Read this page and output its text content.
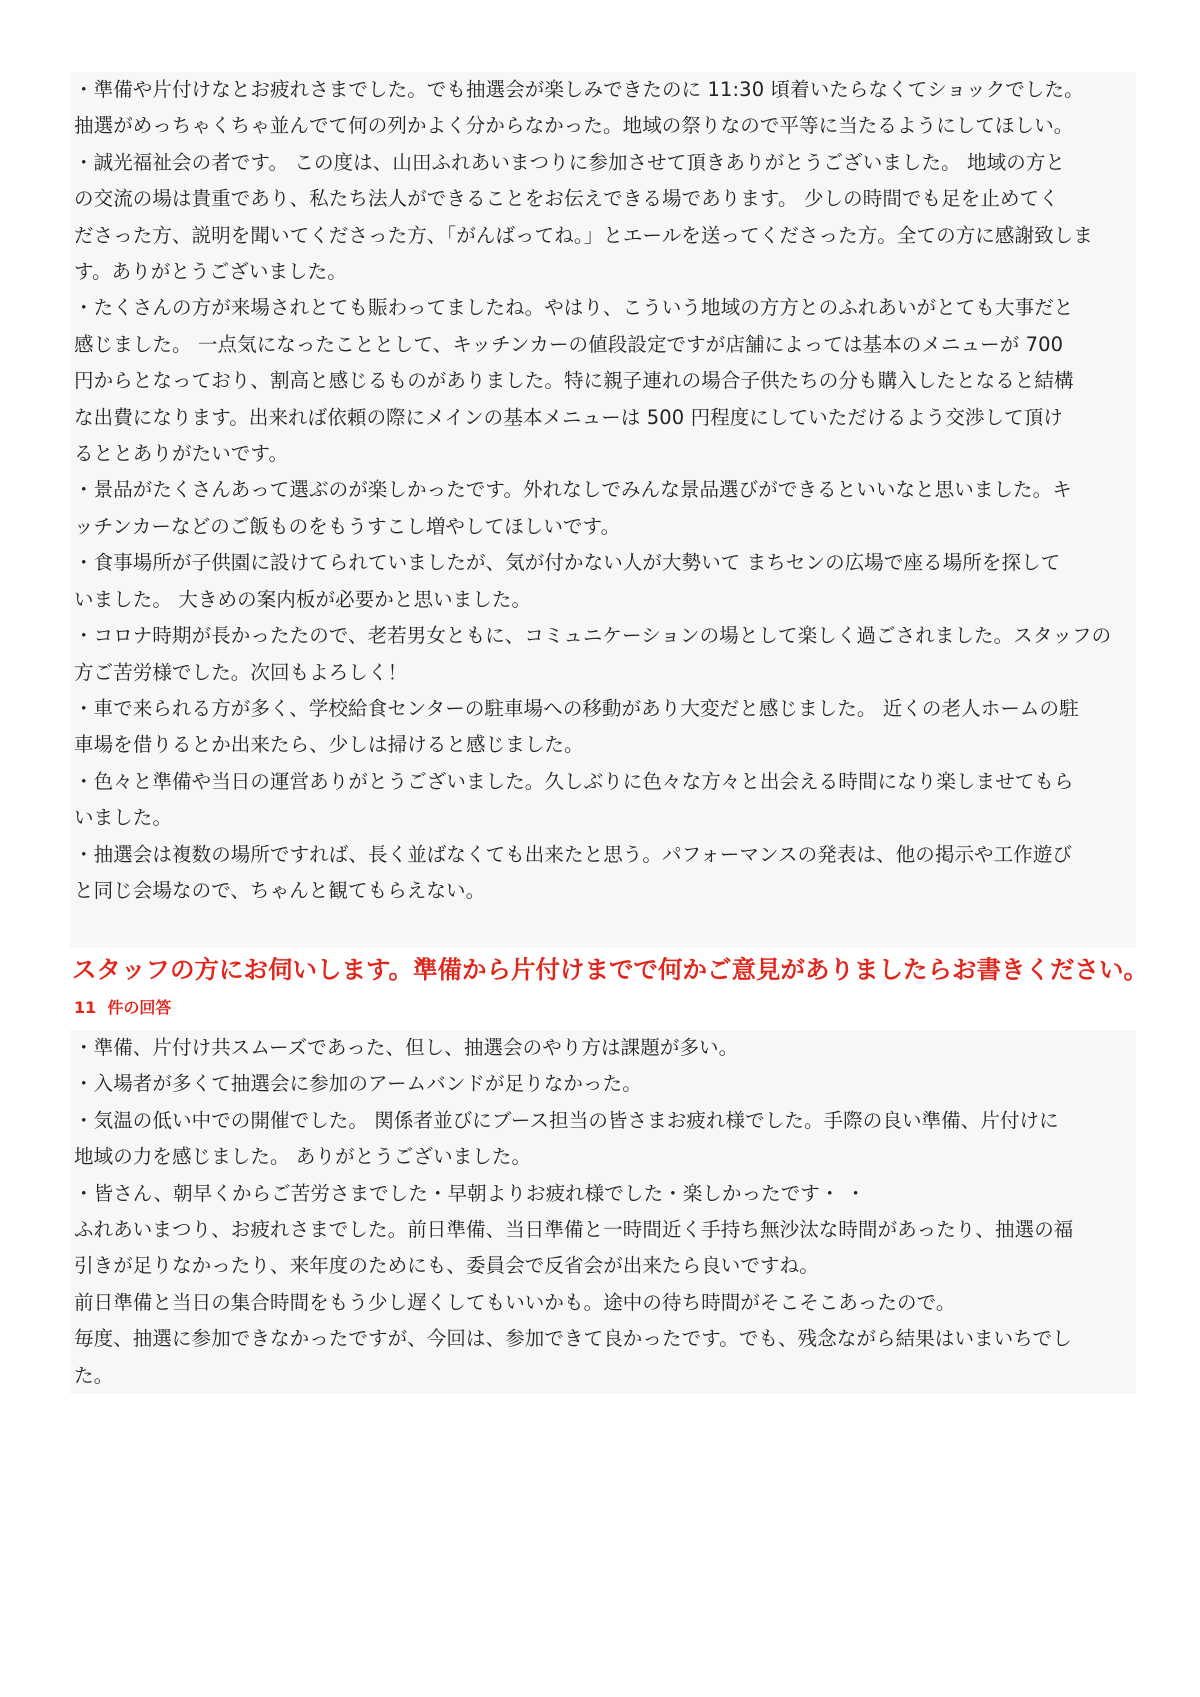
・準備や片付けなとお疲れさまでした。でも抽選会が楽しみできたのに 11:30 頃着いたらなくてショックでした。
抽選がめっちゃくちゃ並んでて何の列かよく分からなかった。地域の祭りなので平等に当たるようにしてほしい。
・誠光福祉会の者です。 この度は、山田ふれあいまつりに参加させて頂きありがとうございました。 地域の方と
の交流の場は貴重であり、私たち法人ができることをお伝えできる場であります。 少しの時間でも足を止めてく
ださった方、説明を聞いてくださった方、「がんばってね。」とエールを送ってくださった方。全ての方に感謝致しま
す。ありがとうございました。
・たくさんの方が来場されとても賑わってましたね。やはり、こういう地域の方方とのふれあいがとても大事だと
感じました。 一点気になったこととして、キッチンカーの値段設定ですが店舗によっては基本のメニューが 700
円からとなっており、割高と感じるものがありました。特に親子連れの場合子供たちの分も購入したとなると結構
な出費になります。出来れば依頼の際にメインの基本メニューは 500 円程度にしていただけるよう交渉して頂け
るととありがたいです。
・景品がたくさんあって選ぶのが楽しかったです。外れなしでみんな景品選びができるといいなと思いました。キ
ッチンカーなどのご飯ものをもうすこし増やしてほしいです。
・食事場所が子供園に設けてられていましたが、気が付かない人が大勢いて まちセンの広場で座る場所を探して
いました。 大きめの案内板が必要かと思いました。
・コロナ時期が長かったたので、老若男女ともに、コミュニケーションの場として楽しく過ごされました。スタッフの
方ご苦労様でした。次回もよろしく！
・車で来られる方が多く、学校給食センターの駐車場への移動があり大変だと感じました。 近くの老人ホームの駐
車場を借りるとか出来たら、少しは掃けると感じました。
・色々と準備や当日の運営ありがとうございました。久しぶりに色々な方々と出会える時間になり楽しませてもら
いました。
・抽選会は複数の場所ですれば、長く並ばなくても出来たと思う。パフォーマンスの発表は、他の掲示や工作遊び
と同じ会場なので、ちゃんと観てもらえない。
スタッフの方にお伺いします。準備から片付けまでで何かご意見がありましたらお書きください。
11 件の回答
・準備、片付け共スムーズであった、但し、抽選会のやり方は課題が多い。
・入場者が多くて抽選会に参加のアームバンドが足りなかった。
・気温の低い中での開催でした。 関係者並びにブース担当の皆さまお疲れ様でした。手際の良い準備、片付けに
地域の力を感じました。 ありがとうございました。
・皆さん、朝早くからご苦労さまでした・早朝よりお疲れ様でした・楽しかったです・ ・
ふれあいまつり、お疲れさまでした。前日準備、当日準備と一時間近く手持ち無沙汰な時間があったり、抽選の福
引きが足りなかったり、来年度のためにも、委員会で反省会が出来たら良いですね。
前日準備と当日の集合時間をもう少し遅くしてもいいかも。途中の待ち時間がそこそこあったので。
毎度、抽選に参加できなかったですが、今回は、参加できて良かったです。でも、残念ながら結果はいまいちでし
た。
